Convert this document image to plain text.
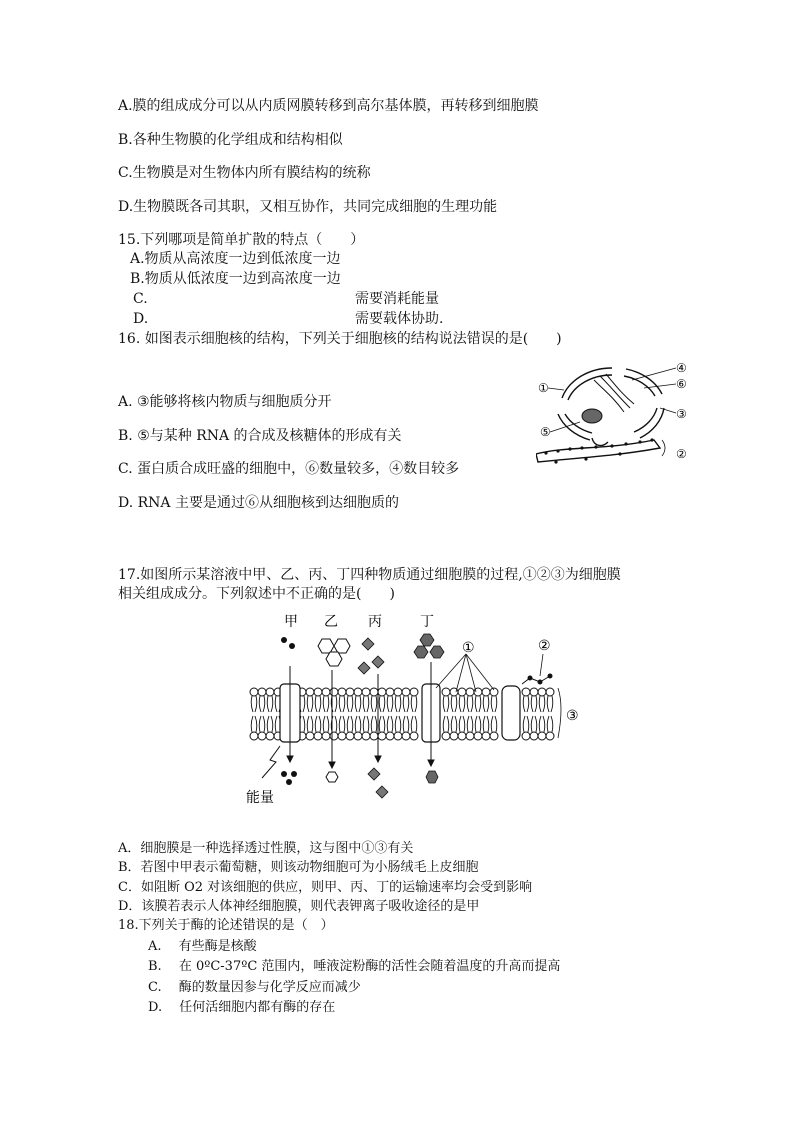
A.膜的组成成分可以从内质网膜转移到高尔基体膜，再转移到细胞膜
B.各种生物膜的化学组成和结构相似
C.生物膜是对生物体内所有膜结构的统称
D.生物膜既各司其职，又相互协作，共同完成细胞的生理功能
15.下列哪项是简单扩散的特点（　　）
A.物质从高浓度一边到低浓度一边
B.物质从低浓度一边到高浓度一边
C.	需要消耗能量
D.	需要载体协助.
16. 如图表示细胞核的结构，下列关于细胞核的结构说法错误的是(　　)
A. ③能够将核内物质与细胞质分开
B. ⑤与某种 RNA 的合成及核糖体的形成有关
C. 蛋白质合成旺盛的细胞中，⑥数量较多，④数目较多
D. RNA 主要是通过⑥从细胞核到达细胞质的
①
②
③
④
⑤
⑥
17.如图所示某溶液中甲、乙、丙、丁四种物质通过细胞膜的过程,①②③为细胞膜
相关组成成分。下列叙述中不正确的是(　　)
甲 乙 丙	丁
①	②
③
能量
A．细胞膜是一种选择透过性膜，这与图中①③有关
B．若图中甲表示葡萄糖，则该动物细胞可为小肠绒毛上皮细胞
C．如阻断 O2 对该细胞的供应，则甲、丙、丁的运输速率均会受到影响
D．该膜若表示人体神经细胞膜，则代表钾离子吸收途径的是甲
18.下列关于酶的论述错误的是（　）
A.　 有些酶是核酸
B.　 在 0ºC-37ºC 范围内，唾液淀粉酶的活性会随着温度的升高而提高
C.　 酶的数量因参与化学反应而减少
D.　 任何活细胞内都有酶的存在
